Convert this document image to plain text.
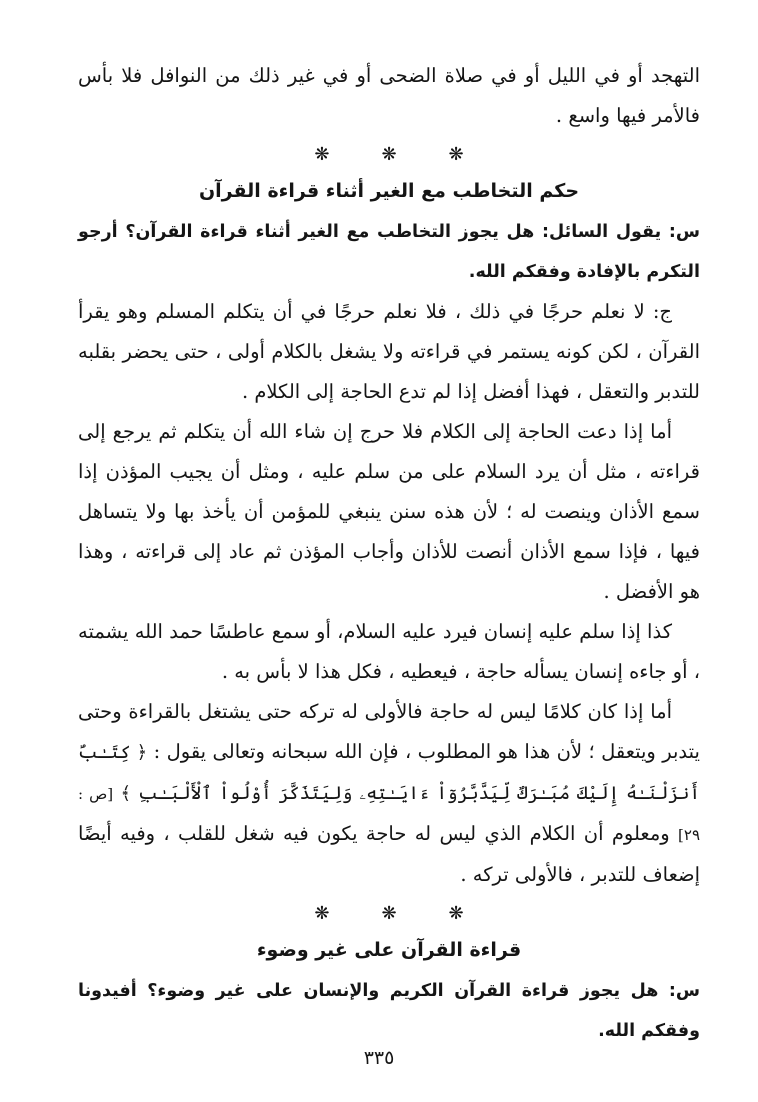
التهجد أو في الليل أو في صلاة الضحى أو في غير ذلك من النوافل فلا بأس فالأمر فيها واسع .

❋
❋
❋
حكم التخاطب مع الغير أثناء قراءة القرآن
س: يقول السائل: هل يجوز التخاطب مع الغير أثناء قراءة القرآن؟ أرجو التكرم بالإفادة وفقكم الله.

ج: لا نعلم حرجًا في ذلك ، فلا نعلم حرجًا في أن يتكلم المسلم وهو يقرأ القرآن ، لكن كونه يستمر في قراءته ولا يشغل بالكلام أولى ، حتى يحضر بقلبه للتدبر والتعقل ، فهذا أفضل إذا لم تدع الحاجة إلى الكلام .

أما إذا دعت الحاجة إلى الكلام فلا حرج إن شاء الله أن يتكلم ثم يرجع إلى قراءته ، مثل أن يرد السلام على من سلم عليه ، ومثل أن يجيب المؤذن إذا سمع الأذان وينصت له ؛ لأن هذه سنن ينبغي للمؤمن أن يأخذ بها ولا يتساهل فيها ، فإذا سمع الأذان أنصت للأذان وأجاب المؤذن ثم عاد إلى قراءته ، وهذا هو الأفضل .

كذا إذا سلم عليه إنسان فيرد عليه السلام، أو سمع عاطسًا حمد الله يشمته ، أو جاءه إنسان يسأله حاجة ، فيعطيه ، فكل هذا لا بأس به .

أما إذا كان كلامًا ليس له حاجة فالأولى له تركه حتى يشتغل بالقراءة وحتى يتدبر ويتعقل ؛ لأن هذا هو المطلوب ، فإن الله سبحانه وتعالى يقول : ﴿ كِتَـٰبٌ أَنزَلْنَـٰهُ إِلَيْكَ مُبَـٰرَكٌ لِّيَدَّبَّرُوٓاْ ءَايَـٰتِهِۦ وَلِيَتَذَكَّرَ أُوْلُواْ ٱلْأَلْبَـٰبِ ﴾ [ص : ٢٩] ومعلوم أن الكلام الذي ليس له حاجة يكون فيه شغل للقلب ، وفيه أيضًا إضعاف للتدبر ، فالأولى تركه .

❋
❋
❋
قراءة القرآن على غير وضوء
س: هل يجوز قراءة القرآن الكريم والإنسان على غير وضوء؟ أفيدونا وفقكم الله.
٣٣٥
